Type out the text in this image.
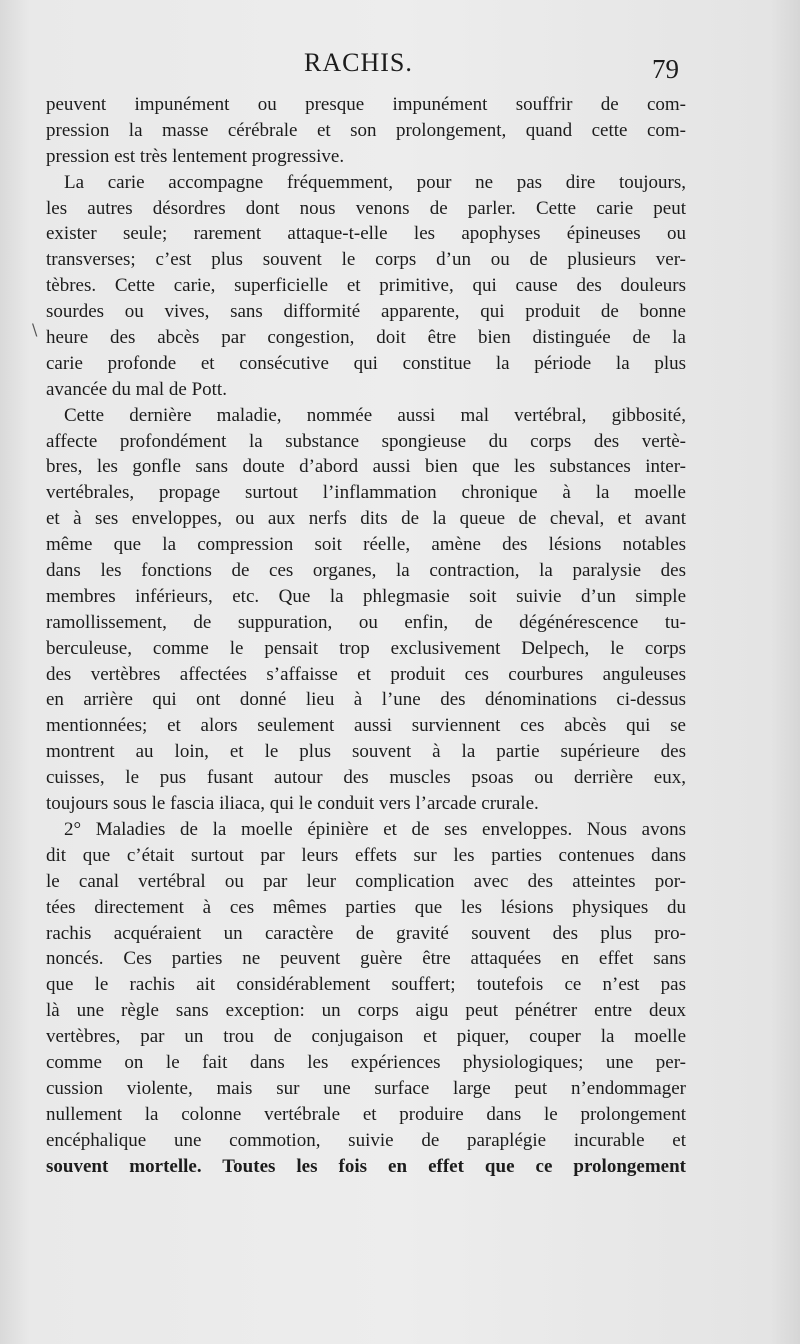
RACHIS.	79
\
peuvent impunément ou presque impunément souffrir de com-
pression la masse cérébrale et son prolongement, quand cette com-
pression est très lentement progressive.
La carie accompagne fréquemment, pour ne pas dire toujours,
les autres désordres dont nous venons de parler. Cette carie peut
exister seule; rarement attaque-t-elle les apophyses épineuses ou
transverses; c’est plus souvent le corps d’un ou de plusieurs ver-
tèbres. Cette carie, superficielle et primitive, qui cause des douleurs
sourdes ou vives, sans difformité apparente, qui produit de bonne
heure des abcès par congestion, doit être bien distinguée de la
carie profonde et consécutive qui constitue la période la plus
avancée du mal de Pott.
Cette dernière maladie, nommée aussi mal vertébral, gibbosité,
affecte profondément la substance spongieuse du corps des vertè-
bres, les gonfle sans doute d’abord aussi bien que les substances inter-
vertébrales, propage surtout l’inflammation chronique à la moelle
et à ses enveloppes, ou aux nerfs dits de la queue de cheval, et avant
même que la compression soit réelle, amène des lésions notables
dans les fonctions de ces organes, la contraction, la paralysie des
membres inférieurs, etc. Que la phlegmasie soit suivie d’un simple
ramollissement, de suppuration, ou enfin, de dégénérescence tu-
berculeuse, comme le pensait trop exclusivement Delpech, le corps
des vertèbres affectées s’affaisse et produit ces courbures anguleuses
en arrière qui ont donné lieu à l’une des dénominations ci-dessus
mentionnées; et alors seulement aussi surviennent ces abcès qui se
montrent au loin, et le plus souvent à la partie supérieure des
cuisses, le pus fusant autour des muscles psoas ou derrière eux,
toujours sous le fascia iliaca, qui le conduit vers l’arcade crurale.
2° Maladies de la moelle épinière et de ses enveloppes. Nous avons
dit que c’était surtout par leurs effets sur les parties contenues dans
le canal vertébral ou par leur complication avec des atteintes por-
tées directement à ces mêmes parties que les lésions physiques du
rachis acquéraient un caractère de gravité souvent des plus pro-
noncés. Ces parties ne peuvent guère être attaquées en effet sans
que le rachis ait considérablement souffert; toutefois ce n’est pas
là une règle sans exception: un corps aigu peut pénétrer entre deux
vertèbres, par un trou de conjugaison et piquer, couper la moelle
comme on le fait dans les expériences physiologiques; une per-
cussion violente, mais sur une surface large peut n’endommager
nullement la colonne vertébrale et produire dans le prolongement
encéphalique une commotion, suivie de paraplégie incurable et
souvent mortelle. Toutes les fois en effet que ce prolongement
